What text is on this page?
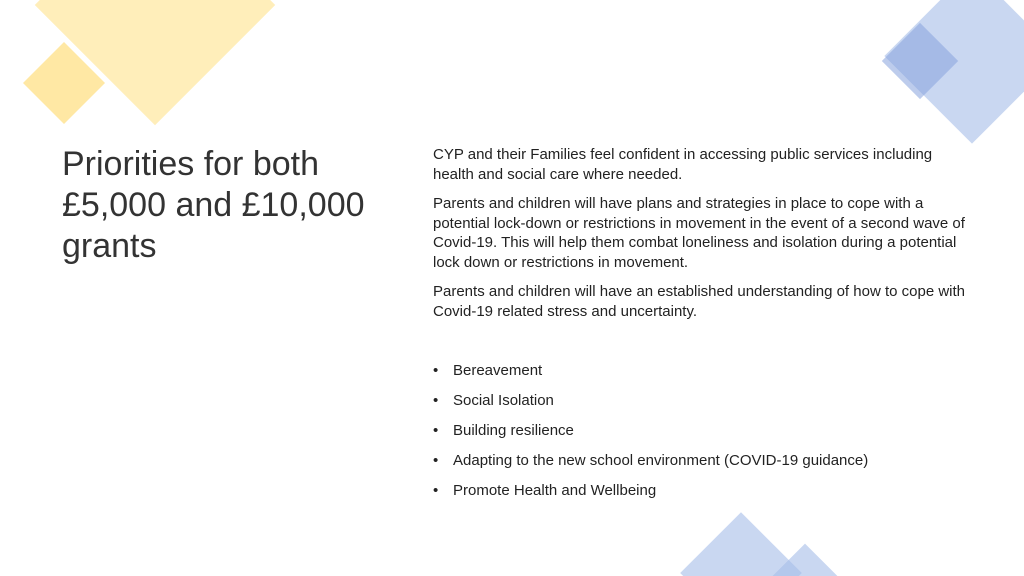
Priorities for both £5,000 and £10,000 grants

CYP and their Families feel confident in accessing public services including health and social care where needed.

Parents and children will have plans and strategies in place to cope with a potential lock-down or restrictions in movement in the event of a second wave of Covid-19. This will help them combat loneliness and isolation during a potential lock down or restrictions in movement.

Parents and children will have an established understanding of how to cope with Covid-19 related stress and uncertainty.

• Bereavement
• Social Isolation
• Building resilience
• Adapting to the new school environment (COVID-19 guidance)
• Promote Health and Wellbeing
